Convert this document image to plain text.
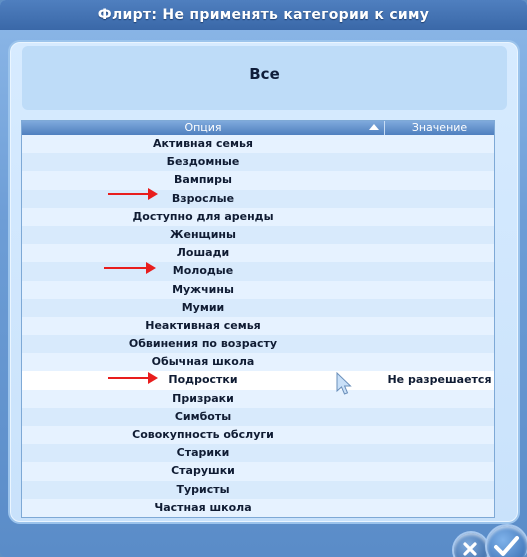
Флирт: Не применять категории к симу
Все
Опция	Значение
Активная семья
Бездомные
Вампиры
Взрослые
Доступно для аренды
Женщины
Лошади
Молодые
Мужчины
Мумии
Неактивная семья
Обвинения по возрасту
Обычная школа
Подростки	Не разрешается
Призраки
Симботы
Совокупность обслуги
Старики
Старушки
Туристы
Частная школа
